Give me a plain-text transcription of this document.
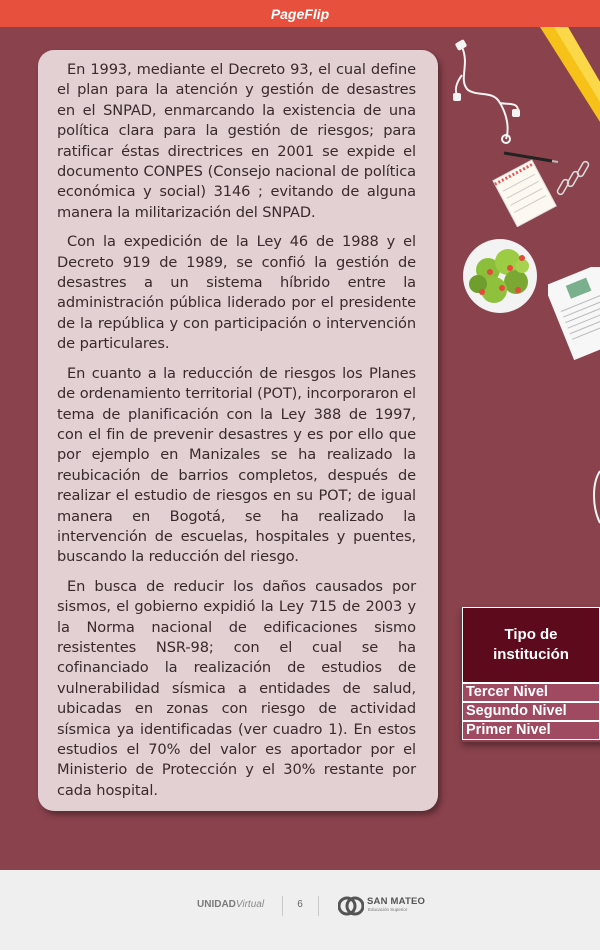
PageFlip

En 1993, mediante el Decreto 93, el cual define el plan para la atención y gestión de desastres en el SNPAD, enmarcando la existencia de una política clara para la gestión de riesgos; para ratificar éstas directrices en 2001 se expide el documento CONPES (Consejo nacional de política económica y social) 3146 ; evitando de alguna manera la militarización del SNPAD.

Con la expedición de la Ley 46 de 1988 y el Decreto 919 de 1989, se confió la gestión de desastres a un sistema híbrido entre la administración pública liderado por el presidente de la república y con participación o intervención de particulares.

En cuanto a la reducción de riesgos los Planes de ordenamiento territorial (POT), incorporaron el tema de planificación con la Ley 388 de 1997, con el fin de prevenir desastres y es por ello que por ejemplo en Manizales se ha realizado la reubicación de barrios completos, después de realizar el estudio de riesgos en su POT; de igual manera en Bogotá, se ha realizado la intervención de escuelas, hospitales y puentes, buscando la reducción del riesgo.

En busca de reducir los daños causados por sismos, el gobierno expidió la Ley 715 de 2003 y la Norma nacional de edificaciones sismo resistentes NSR-98; con el cual se ha cofinanciado la realización de estudios de vulnerabilidad sísmica a entidades de salud, ubicadas en zonas con riesgo de actividad sísmica ya identificadas (ver cuadro 1). En estos estudios el 70% del valor es aportador por el Ministerio de Protección y el 30% restante por cada hospital.

Tipo de institución
Tercer Nivel
Segundo Nivel
Primer Nivel
UNIDADVirtual	6	SAN MATEO
Educación Superior
